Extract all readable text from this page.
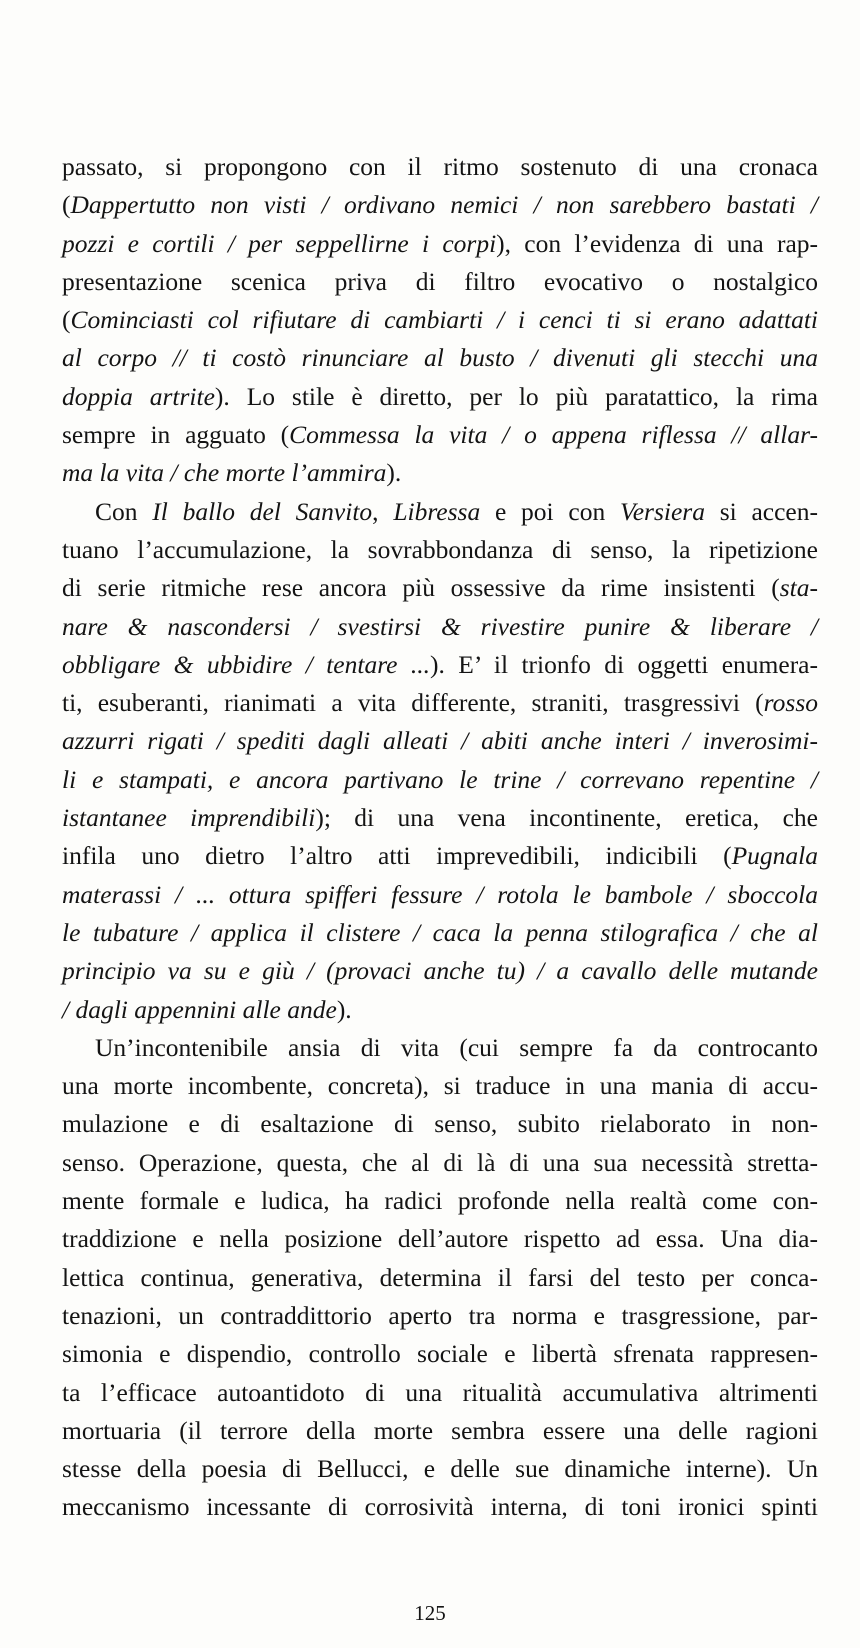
passato, si propongono con il ritmo sostenuto di una cronaca
(Dappertutto non visti / ordivano nemici / non sarebbero bastati /
pozzi e cortili / per seppellirne i corpi), con l’evidenza di una rap-
presentazione scenica priva di filtro evocativo o nostalgico
(Cominciasti col rifiutare di cambiarti / i cenci ti si erano adattati
al corpo // ti costò rinunciare al busto / divenuti gli stecchi una
doppia artrite). Lo stile è diretto, per lo più paratattico, la rima
sempre in agguato (Commessa la vita / o appena riflessa // allar-
ma la vita / che morte l’ammira).
Con Il ballo del Sanvito, Libressa e poi con Versiera si accen-
tuano l’accumulazione, la sovrabbondanza di senso, la ripetizione
di serie ritmiche rese ancora più ossessive da rime insistenti (sta-
nare & nascondersi / svestirsi & rivestire punire & liberare /
obbligare & ubbidire / tentare ...). E’ il trionfo di oggetti enumera-
ti, esuberanti, rianimati a vita differente, straniti, trasgressivi (rosso
azzurri rigati / spediti dagli alleati / abiti anche interi / inverosimi-
li e stampati, e ancora partivano le trine / correvano repentine /
istantanee imprendibili); di una vena incontinente, eretica, che
infila uno dietro l’altro atti imprevedibili, indicibili (Pugnala
materassi / ... ottura spifferi fessure / rotola le bambole / sboccola
le tubature / applica il clistere / caca la penna stilografica / che al
principio va su e giù / (provaci anche tu) / a cavallo delle mutande
/ dagli appennini alle ande).
Un’incontenibile ansia di vita (cui sempre fa da controcanto
una morte incombente, concreta), si traduce in una mania di accu-
mulazione e di esaltazione di senso, subito rielaborato in non-
senso. Operazione, questa, che al di là di una sua necessità stretta-
mente formale e ludica, ha radici profonde nella realtà come con-
traddizione e nella posizione dell’autore rispetto ad essa. Una dia-
lettica continua, generativa, determina il farsi del testo per conca-
tenazioni, un contraddittorio aperto tra norma e trasgressione, par-
simonia e dispendio, controllo sociale e libertà sfrenata rappresen-
ta l’efficace autoantidoto di una ritualità accumulativa altrimenti
mortuaria (il terrore della morte sembra essere una delle ragioni
stesse della poesia di Bellucci, e delle sue dinamiche interne). Un
meccanismo incessante di corrosività interna, di toni ironici spinti
125
